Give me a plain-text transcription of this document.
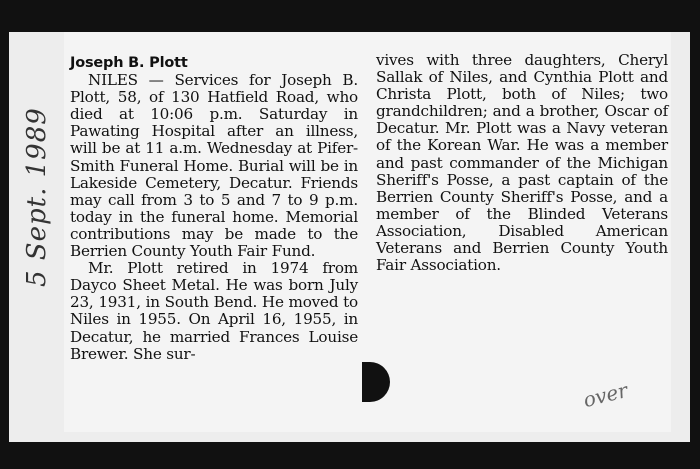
5 Sept. 1989

Joseph B. Plott

NILES — Services for Joseph B. Plott, 58, of 130 Hatfield Road, who died at 10:06 p.m. Saturday in Pawating Hospital after an illness, will be at 11 a.m. Wednesday at Pifer-Smith Funeral Home. Burial will be in Lakeside Cemetery, Decatur. Friends may call from 3 to 5 and 7 to 9 p.m. today in the funeral home. Memorial contributions may be made to the Berrien County Youth Fair Fund.

Mr. Plott retired in 1974 from Dayco Sheet Metal. He was born July 23, 1931, in South Bend. He moved to Niles in 1955. On April 16, 1955, in Decatur, he married Frances Louise Brewer. She sur-

vives with three daughters, Cheryl Sallak of Niles, and Cynthia Plott and Christa Plott, both of Niles; two grandchildren; and a brother, Oscar of Decatur. Mr. Plott was a Navy veteran of the Korean War. He was a member and past commander of the Michigan Sheriff's Posse, a past captain of the Berrien County Sheriff's Posse, and a member of the Blinded Veterans Association, Disabled American Veterans and Berrien County Youth Fair Association.

over
